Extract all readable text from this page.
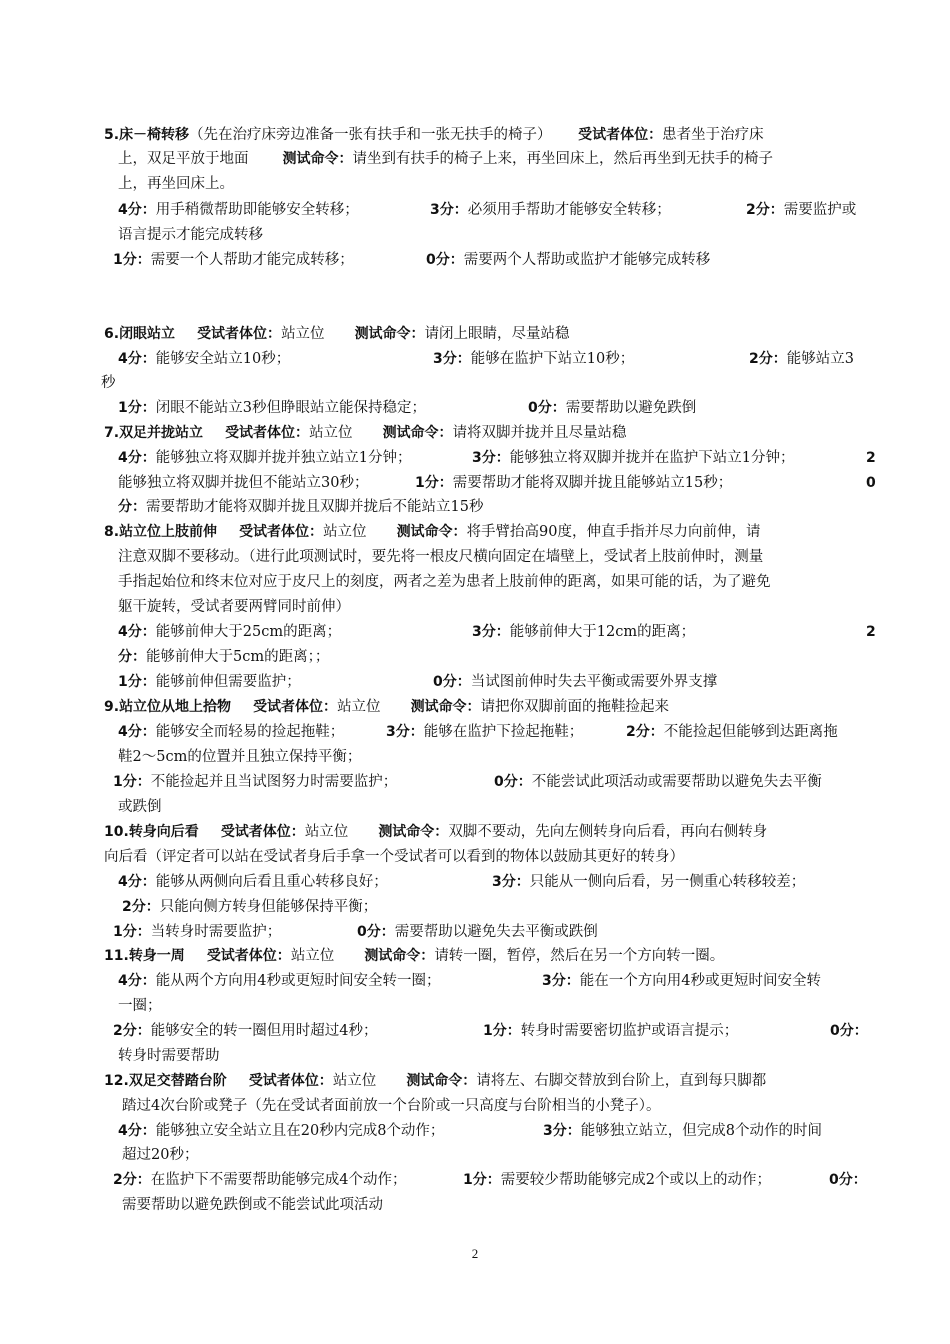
5.床－椅转移（先在治疗床旁边准备一张有扶手和一张无扶手的椅子） 受试者体位：患者坐于治疗床
上，双足平放于地面 测试命令：请坐到有扶手的椅子上来，再坐回床上，然后再坐到无扶手的椅子
上，再坐回床上。
4分：用手稍微帮助即能够安全转移；	3分：必须用手帮助才能够安全转移；	2分：需要监护或
语言提示才能完成转移
1分：需要一个人帮助才能完成转移；	0分：需要两个人帮助或监护才能够完成转移
6.闭眼站立 受试者体位：站立位 测试命令：请闭上眼睛，尽量站稳
4分：能够安全站立10秒；	3分：能够在监护下站立10秒；	2分：能够站立3
秒
1分：闭眼不能站立3秒但睁眼站立能保持稳定；	0分：需要帮助以避免跌倒
7.双足并拢站立 受试者体位：站立位 测试命令：请将双脚并拢并且尽量站稳
4分：能够独立将双脚并拢并独立站立1分钟；	3分：能够独立将双脚并拢并在监护下站立1分钟；	2
能够独立将双脚并拢但不能站立30秒；	1分：需要帮助才能将双脚并拢且能够站立15秒；	0
分：需要帮助才能将双脚并拢且双脚并拢后不能站立15秒
8.站立位上肢前伸 受试者体位：站立位 测试命令：将手臂抬高90度，伸直手指并尽力向前伸，请
注意双脚不要移动。（进行此项测试时，要先将一根皮尺横向固定在墙壁上，受试者上肢前伸时，测量
手指起始位和终末位对应于皮尺上的刻度，两者之差为患者上肢前伸的距离，如果可能的话，为了避免
躯干旋转，受试者要两臂同时前伸）
4分：能够前伸大于25cm的距离；	3分：能够前伸大于12cm的距离；	2
分：能够前伸大于5cm的距离；；
1分：能够前伸但需要监护；	0分：当试图前伸时失去平衡或需要外界支撑
9.站立位从地上拾物 受试者体位：站立位 测试命令：请把你双脚前面的拖鞋捡起来
4分：能够安全而轻易的捡起拖鞋；	3分：能够在监护下捡起拖鞋；	2分：不能捡起但能够到达距离拖
鞋2～5cm的位置并且独立保持平衡；
1分：不能捡起并且当试图努力时需要监护；	0分：不能尝试此项活动或需要帮助以避免失去平衡
或跌倒
10.转身向后看 受试者体位：站立位 测试命令：双脚不要动，先向左侧转身向后看，再向右侧转身
向后看（评定者可以站在受试者身后手拿一个受试者可以看到的物体以鼓励其更好的转身）
4分：能够从两侧向后看且重心转移良好；	3分：只能从一侧向后看，另一侧重心转移较差；
2分：只能向侧方转身但能够保持平衡；
1分：当转身时需要监护；	0分：需要帮助以避免失去平衡或跌倒
11.转身一周 受试者体位：站立位 测试命令：请转一圈，暂停，然后在另一个方向转一圈。
4分：能从两个方向用4秒或更短时间安全转一圈；	3分：能在一个方向用4秒或更短时间安全转
一圈；
2分：能够安全的转一圈但用时超过4秒；	1分：转身时需要密切监护或语言提示；	0分：
转身时需要帮助
12.双足交替踏台阶 受试者体位：站立位 测试命令：请将左、右脚交替放到台阶上，直到每只脚都
踏过4次台阶或凳子（先在受试者面前放一个台阶或一只高度与台阶相当的小凳子）。
4分：能够独立安全站立且在20秒内完成8个动作；	3分：能够独立站立，但完成8个动作的时间
超过20秒；
2分：在监护下不需要帮助能够完成4个动作；	1分：需要较少帮助能够完成2个或以上的动作；	0分：
需要帮助以避免跌倒或不能尝试此项活动
2
